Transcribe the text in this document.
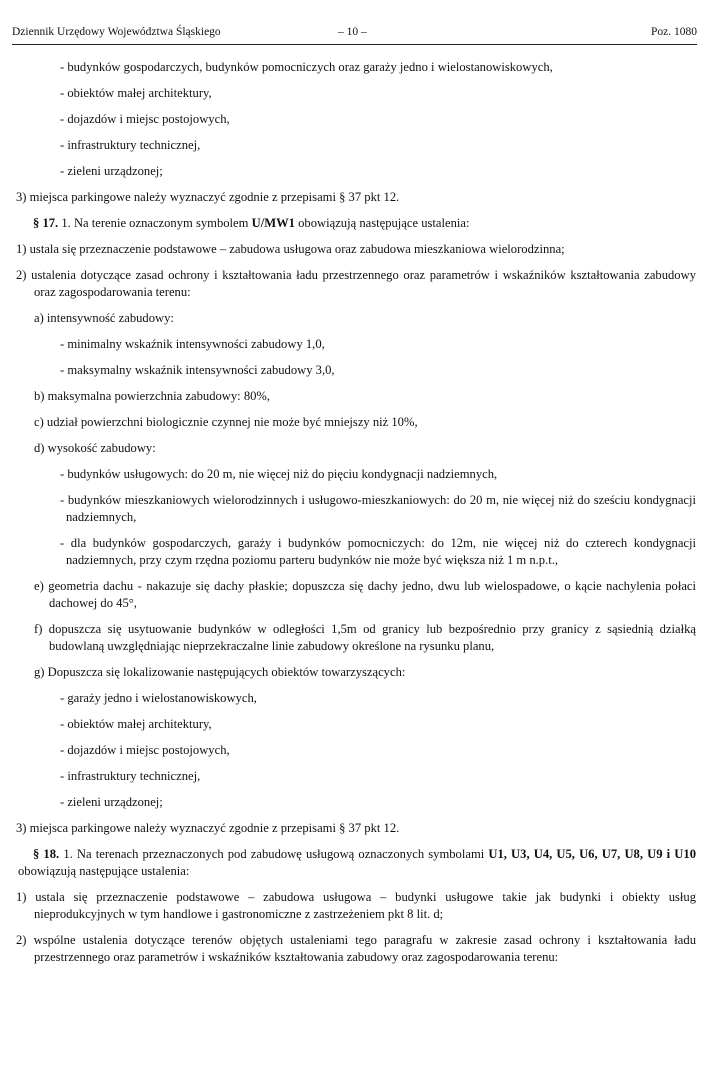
Dziennik Urzędowy Województwa Śląskiego	– 10 –	Poz. 1080

- budynków gospodarczych, budynków pomocniczych oraz garaży jedno i wielostanowiskowych,

- obiektów małej architektury,

- dojazdów i miejsc postojowych,

- infrastruktury technicznej,

- zieleni urządzonej;

3) miejsca parkingowe należy wyznaczyć zgodnie z przepisami § 37 pkt 12.

§ 17. 1. Na terenie oznaczonym symbolem U/MW1 obowiązują następujące ustalenia:

1) ustala się przeznaczenie podstawowe – zabudowa usługowa oraz zabudowa mieszkaniowa wielorodzinna;

2) ustalenia dotyczące zasad ochrony i kształtowania ładu przestrzennego oraz parametrów i wskaźników kształtowania zabudowy oraz zagospodarowania terenu:

a) intensywność zabudowy:

- minimalny wskaźnik intensywności zabudowy 1,0,

- maksymalny wskaźnik intensywności zabudowy 3,0,

b) maksymalna powierzchnia zabudowy: 80%,

c) udział powierzchni biologicznie czynnej nie może być mniejszy niż 10%,

d) wysokość zabudowy:

- budynków usługowych: do 20 m, nie więcej niż do pięciu kondygnacji nadziemnych,

- budynków mieszkaniowych wielorodzinnych i usługowo-mieszkaniowych: do 20 m, nie więcej niż do sześciu kondygnacji nadziemnych,

- dla budynków gospodarczych, garaży i budynków pomocniczych: do 12m, nie więcej niż do czterech kondygnacji nadziemnych, przy czym rzędna poziomu parteru budynków nie może być większa niż 1 m n.p.t.,

e) geometria dachu - nakazuje się dachy płaskie; dopuszcza się dachy jedno, dwu lub wielospadowe, o kącie nachylenia połaci dachowej do 45°,

f) dopuszcza się usytuowanie budynków w odległości 1,5m od granicy lub bezpośrednio przy granicy z sąsiednią działką budowlaną uwzględniając nieprzekraczalne linie zabudowy określone na rysunku planu,

g) Dopuszcza się lokalizowanie następujących obiektów towarzyszących:

- garaży jedno i wielostanowiskowych,

- obiektów małej architektury,

- dojazdów i miejsc postojowych,

- infrastruktury technicznej,

- zieleni urządzonej;

3) miejsca parkingowe należy wyznaczyć zgodnie z przepisami § 37 pkt 12.

§ 18. 1. Na terenach przeznaczonych pod zabudowę usługową oznaczonych symbolami U1, U3, U4, U5, U6, U7, U8, U9 i U10 obowiązują następujące ustalenia:

1) ustala się przeznaczenie podstawowe – zabudowa usługowa – budynki usługowe takie jak budynki i obiekty usług nieprodukcyjnych w tym handlowe i gastronomiczne z zastrzeżeniem pkt 8 lit. d;

2) wspólne ustalenia dotyczące terenów objętych ustaleniami tego paragrafu w zakresie zasad ochrony i kształtowania ładu przestrzennego oraz parametrów i wskaźników kształtowania zabudowy oraz zagospodarowania terenu:
